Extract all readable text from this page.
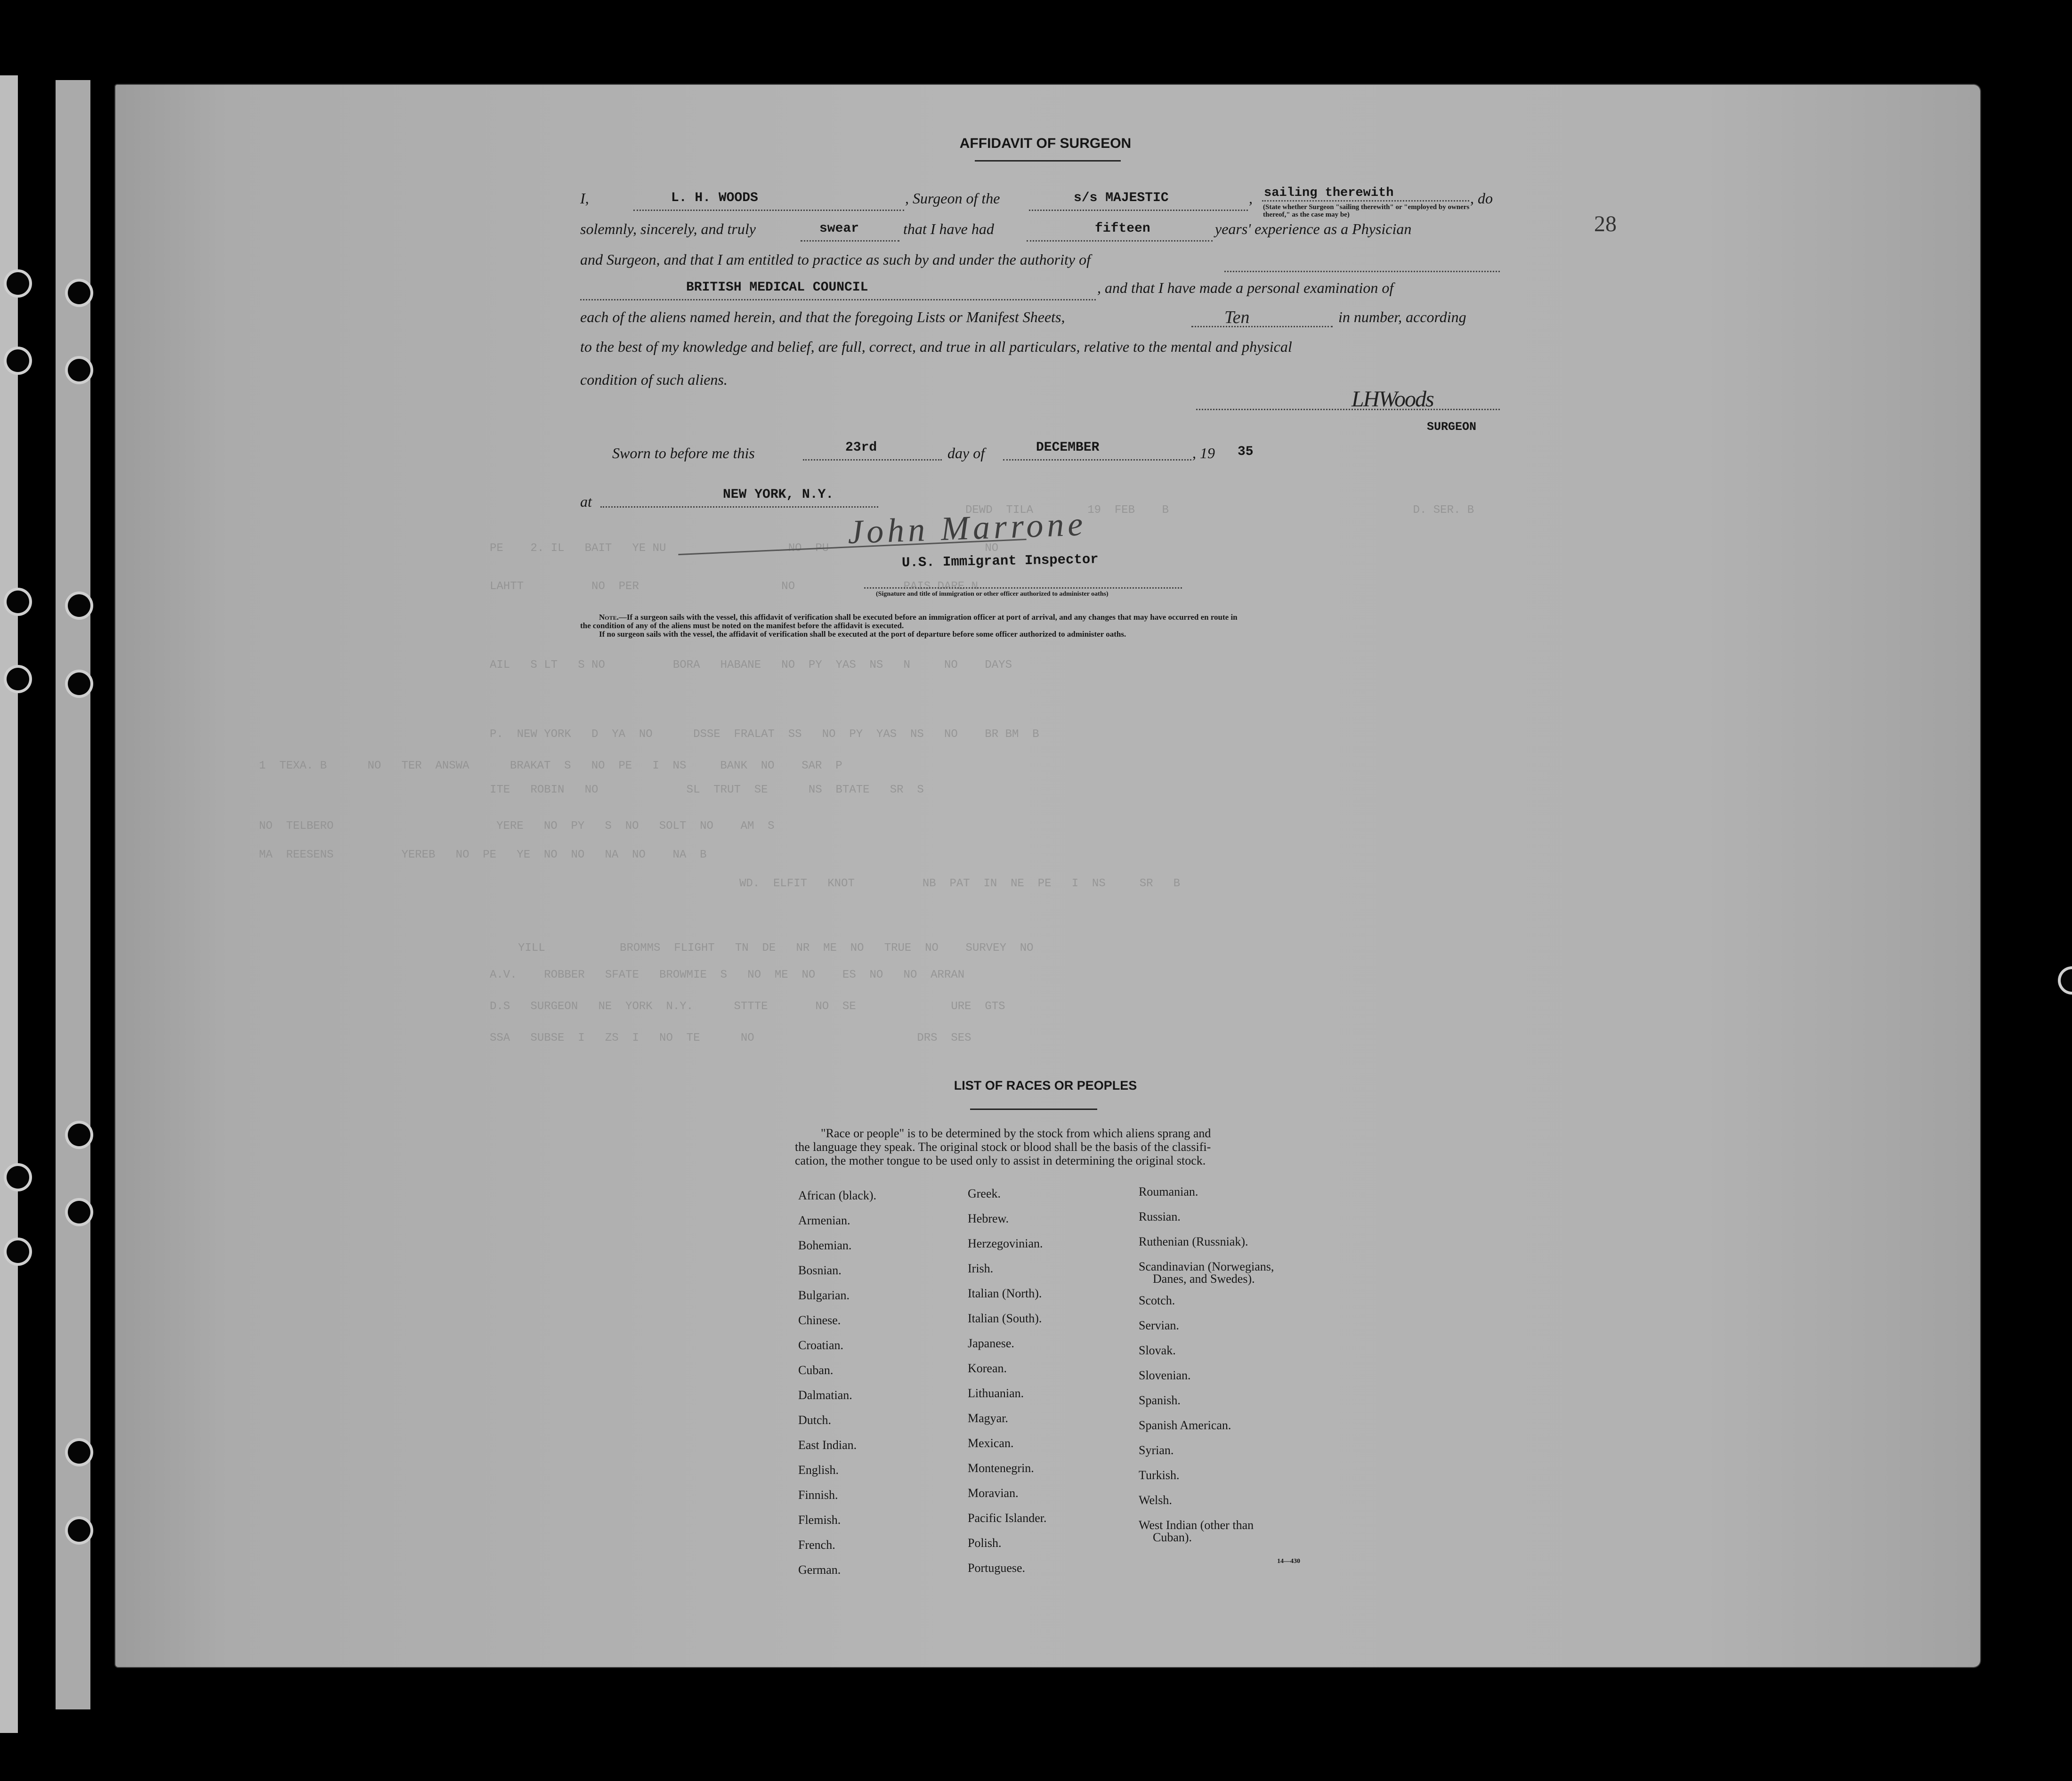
DEWD  TILA        19  FEB    B                                    D. SER. B
PE    2. IL   BAIT   YE NU                  NO  PU                       NO
LAHTT          NO  PER                     NO                PAIS DARE N
AIL   S LT   S NO          BORA   HABANE   NO  PY  YAS  NS   N     NO    DAYS
P.  NEW YORK   D  YA  NO      DSSE  FRALAT  SS   NO  PY  YAS  NS   NO    BR BM  B
1  TEXA. B      NO   TER  ANSWA      BRAKAT  S   NO  PE   I  NS     BANK  NO    SAR  P
ITE   ROBIN   NO             SL  TRUT  SE      NS  BTATE   SR  S
NO  TELBERO                        YERE   NO  PY   S  NO   SOLT  NO    AM  S
MA  REESENS          YEREB   NO  PE   YE  NO  NO   NA  NO    NA  B
WD.  ELFIT   KNOT          NB  PAT  IN  NE  PE   I  NS     SR   B
YILL           BROMMS  FLIGHT   TN  DE   NR  ME  NO   TRUE  NO    SURVEY  NO
A.V.    ROBBER   SFATE   BROWMIE  S   NO  ME  NO    ES  NO   NO  ARRAN
D.S   SURGEON   NE  YORK  N.Y.      STTTE       NO  SE              URE  GTS
SSA   SUBSE  I   ZS  I   NO  TE      NO                        DRS  SES
28
AFFIDAVIT OF SURGEON
I,	L. H. WOODS	, Surgeon of the	s/s MAJESTIC	, sailing therewith
(State whether Surgeon "sailing therewith" or "employed by owners thereof," as the case may be)
, do
solemnly, sincerely, and truly	swear	that I have had	fifteen	years' experience as a Physician
and Surgeon, and that I am entitled to practice as such by and under the authority of
BRITISH MEDICAL COUNCIL	, and that I have made a personal examination of
each of the aliens named herein, and that the foregoing Lists or Manifest Sheets,	Ten	in number, according
to the best of my knowledge and belief, are full, correct, and true in all particulars, relative to the mental and physical
condition of such aliens.
LHWoods
SURGEON
Sworn to before me this	23rd	day of	DECEMBER	, 19 35
at	NEW YORK, N.Y.
John Marrone
U.S. Immigrant Inspector
(Signature and title of immigration or other officer authorized to administer oaths)
Note.—If a surgeon sails with the vessel, this affidavit of verification shall be executed before an immigration officer at port of arrival, and any changes that may have occurred en route in
the condition of any of the aliens must be noted on the manifest before the affidavit is executed.
If no surgeon sails with the vessel, the affidavit of verification shall be executed at the port of departure before some officer authorized to administer oaths.
LIST OF RACES OR PEOPLES
"Race or people" is to be determined by the stock from which aliens sprang and
the language they speak. The original stock or blood shall be the basis of the classifi-
cation, the mother tongue to be used only to assist in determining the original stock.
African (black).
Armenian.
Bohemian.
Bosnian.
Bulgarian.
Chinese.
Croatian.
Cuban.
Dalmatian.
Dutch.
East Indian.
English.
Finnish.
Flemish.
French.
German.
Greek.
Hebrew.
Herzegovinian.
Irish.
Italian (North).
Italian (South).
Japanese.
Korean.
Lithuanian.
Magyar.
Mexican.
Montenegrin.
Moravian.
Pacific Islander.
Polish.
Portuguese.
Roumanian.
Russian.
Ruthenian (Russniak).
Scandinavian (Norwegians,
Danes, and Swedes).
Scotch.
Servian.
Slovak.
Slovenian.
Spanish.
Spanish American.
Syrian.
Turkish.
Welsh.
West Indian (other than
Cuban).
14—430
